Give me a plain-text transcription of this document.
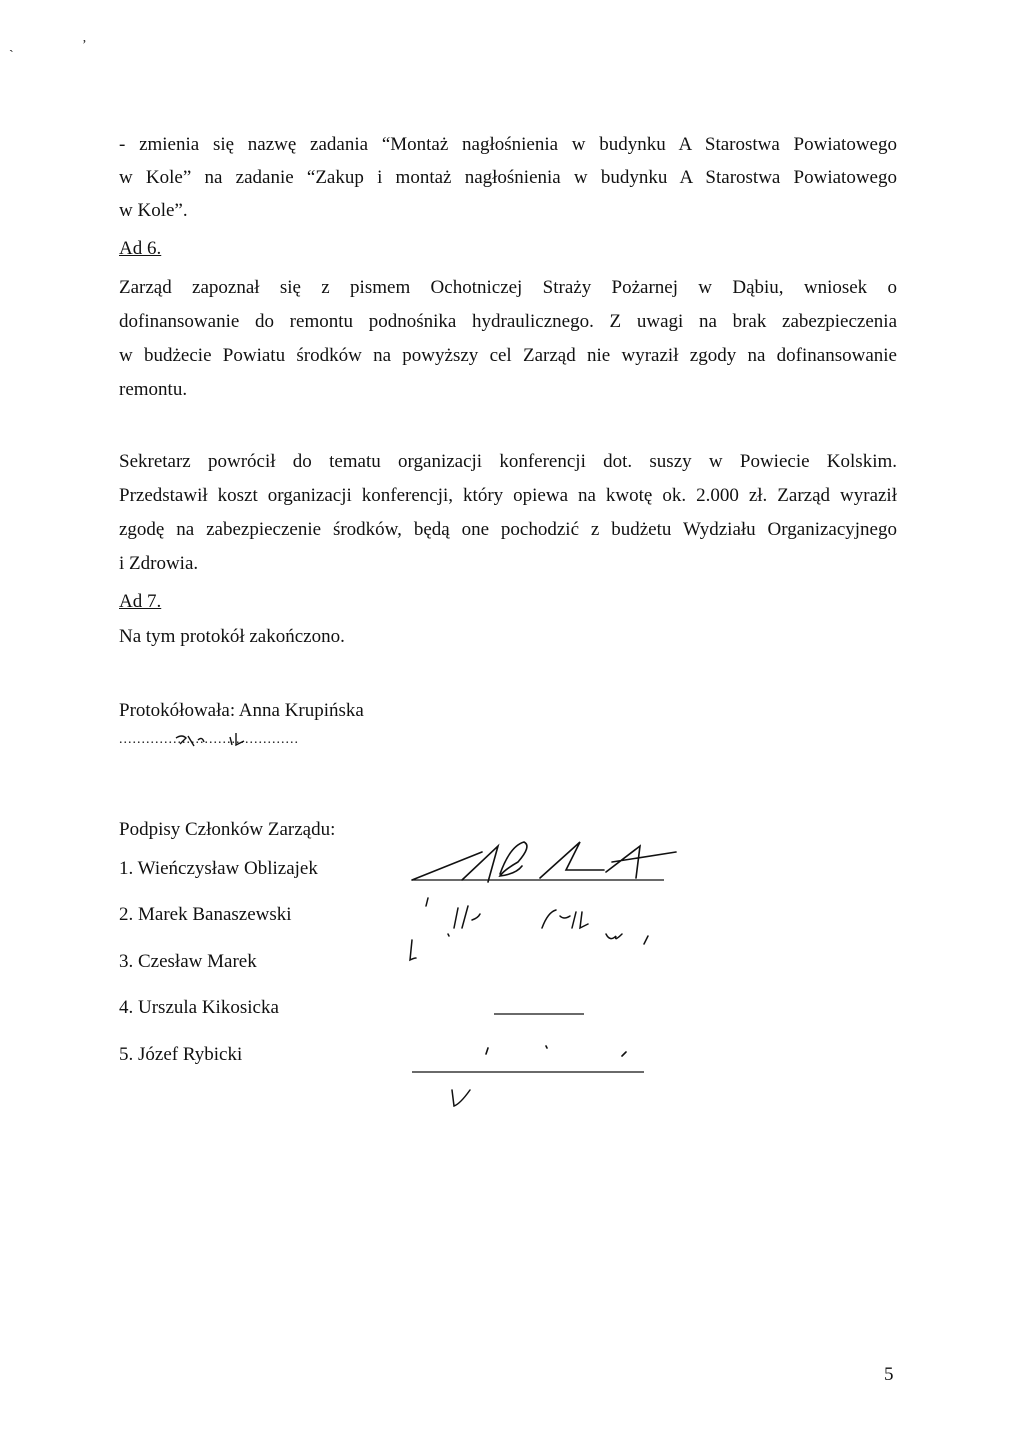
ˎ	ʼ
- zmienia się nazwę zadania “Montaż nagłośnienia w budynku A Starostwa Powiatowego
w Kole” na zadanie “Zakup i montaż nagłośnienia w budynku A Starostwa Powiatowego
w Kole”.
Ad 6.
Zarząd zapoznał się z pismem Ochotniczej Straży Pożarnej w Dąbiu, wniosek o
dofinansowanie do remontu podnośnika hydraulicznego. Z uwagi na brak zabezpieczenia
w budżecie Powiatu środków na powyższy cel Zarząd nie wyraził zgody na dofinansowanie
remontu.
Sekretarz powrócił do tematu organizacji konferencji dot. suszy w Powiecie Kolskim.
Przedstawił koszt organizacji konferencji, który opiewa na kwotę ok. 2.000 zł. Zarząd wyraził
zgodę na zabezpieczenie środków, będą one pochodzić z budżetu Wydziału Organizacyjnego
i Zdrowia.
Ad 7.
Na tym protokół zakończono.
Protokółowała: Anna Krupińska
........................................
Podpisy Członków Zarządu:
1. Wieńczysław Oblizajek
2. Marek Banaszewski
3. Czesław Marek
4. Urszula Kikosicka
5. Józef Rybicki
5
